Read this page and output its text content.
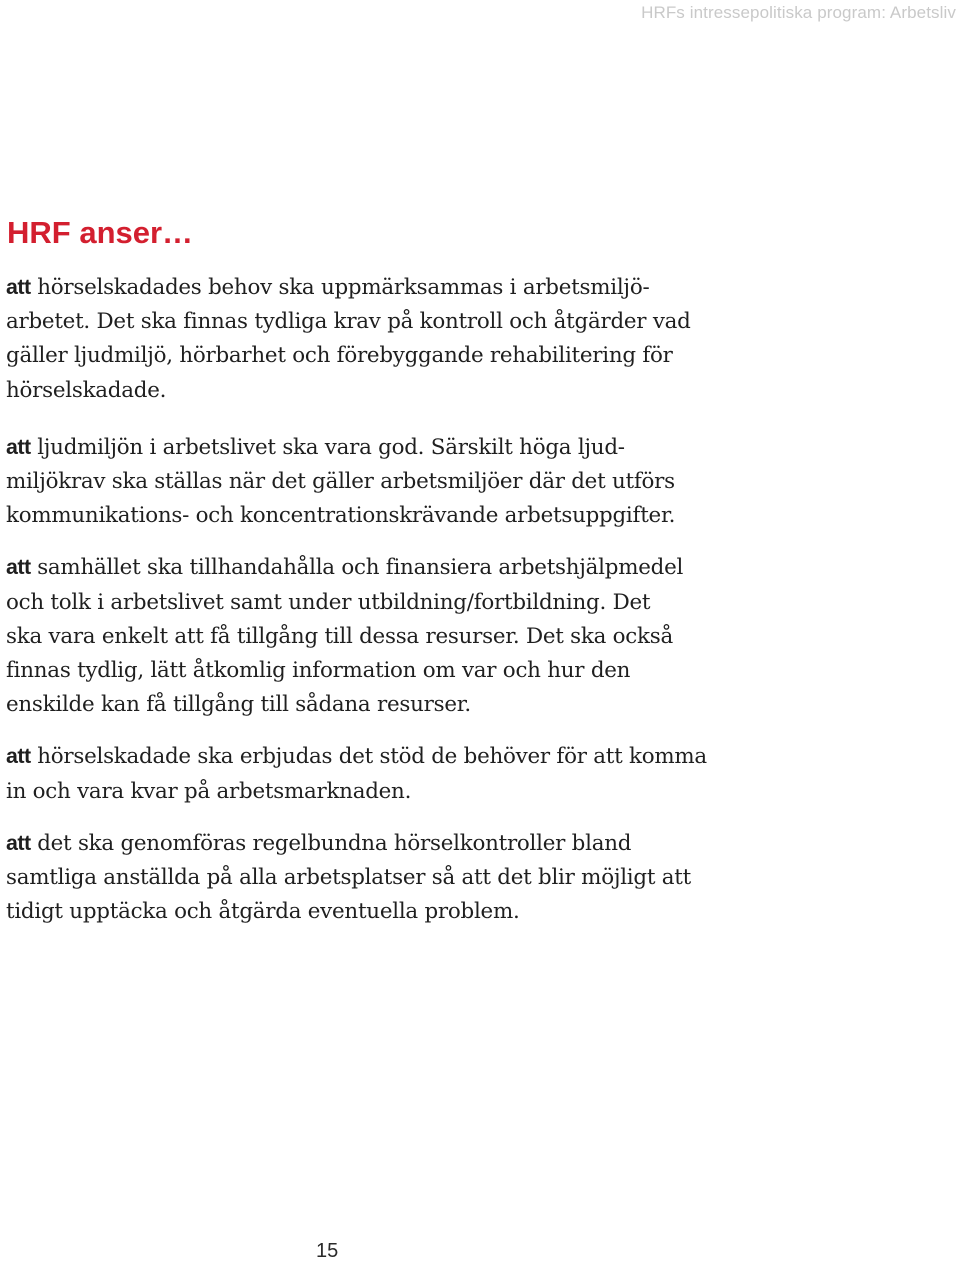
HRFs intressepolitiska program: Arbetsliv
HRF anser…

att hörselskadades behov ska uppmärksammas i arbetsmiljö-
arbetet. Det ska finnas tydliga krav på kontroll och åtgärder vad
gäller ljudmiljö, hörbarhet och förebyggande rehabilitering för
hörselskadade.

att ljudmiljön i arbetslivet ska vara god. Särskilt höga ljud-
miljökrav ska ställas när det gäller arbetsmiljöer där det utförs
kommunikations- och koncentrationskrävande arbetsuppgifter.

att samhället ska tillhandahålla och finansiera arbetshjälpmedel
och tolk i arbetslivet samt under utbildning/fortbildning. Det
ska vara enkelt att få tillgång till dessa resurser. Det ska också
finnas tydlig, lätt åtkomlig information om var och hur den
enskilde kan få tillgång till sådana resurser.

att hörselskadade ska erbjudas det stöd de behöver för att komma
in och vara kvar på arbetsmarknaden.

att det ska genomföras regelbundna hörselkontroller bland
samtliga anställda på alla arbetsplatser så att det blir möjligt att
tidigt upptäcka och åtgärda eventuella problem.

15
